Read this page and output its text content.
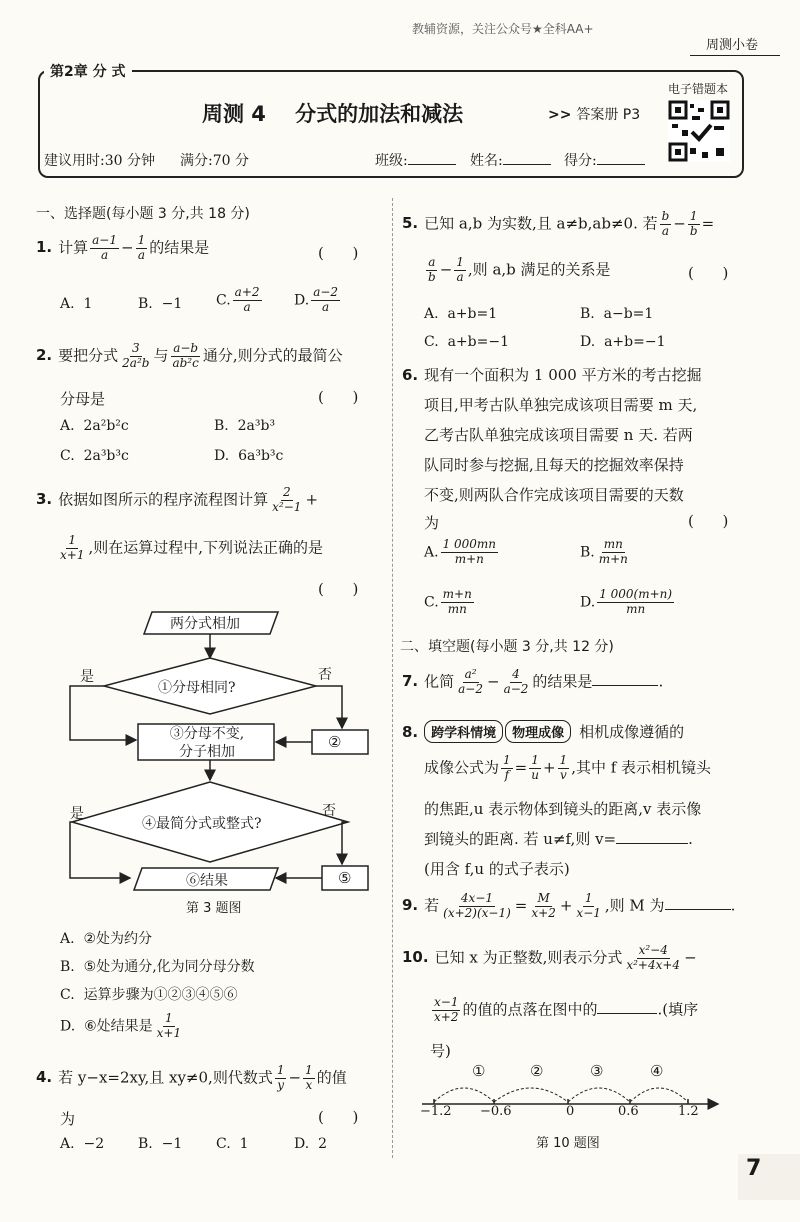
教辅资源，关注公众号★全科AA+
周测小卷
第2章 分 式
周测 4    分式的加法和减法	>> 答案册 P3
电子错题本
建议用时:30 分钟 满分:70 分	班级:	姓名:	得分:
一、选择题(每小题 3 分,共 18 分)
1. 计算 $\frac{a-1}{a} - \frac{1}{a}$ 的结果是	(      )
A.  1	B.  −1 C. $\frac{a+2}{a} D$. $\frac{a-2}{a}$
2. 要把分式 $\frac{3}{\text{2a²b}}$ 与 $\frac{a-b}{\text{ab²c}}$ 通分,则分式的最简公
分母是	(      )
A.  2a²b²c	B.  2a³b³
C.  2a³b³c	D.  6a³b³c
3. 依据如图所示的程序流程图计算 $\frac{2}{\text{x²−1}}$ +
$\frac{1}{x+1}$ ,则在运算过程中,下列说法正确的是
(      )
两分式相加
①分母相同?
是	否
③分母不变,
分子相加
②
④最简分式或整式?
是	否
⑥结果	⑤
第 3 题图
A.  ②处为约分
B.  ⑤处为通分,化为同分母分数
C.  运算步骤为①②③④⑤⑥
D.  ⑥处结果是 $\frac{1}{x+1}$
4. 若 y−x=2xy,且 xy≠0,则代数式 $\frac{1}{y} - \frac{1}{x}$ 的值
为	(      )
A.  −2 B.  −1 C.  1	D.  2
5. 已知 a,b 为实数,且 a≠b,ab≠0. 若 $\frac{b}{a} - \frac{1}{b}$ =
$\frac{a}{b} - \frac{1}{a}$ ,则 a,b 满足的关系是	(      )
A.  a+b=1	B.  a−b=1
C.  a+b=−1	D.  a+b=−1
6. 现有一个面积为 1 000 平方米的考古挖掘
项目,甲考古队单独完成该项目需要 m 天,
乙考古队单独完成该项目需要 n 天. 若两
队同时参与挖掘,且每天的挖掘效率保持
不变,则两队合作完成该项目需要的天数
为	(      )
A. $\frac{1 000mn}{m+n}$	B. $\frac{mn}{m+n}$
C. $\frac{m+n}{mn}$	D. $\frac{1 000(m+n)}{mn}$
二、填空题(每小题 3 分,共 12 分)
7. 化简 $\frac{\text{a²}}{a-2} - \frac{4}{a-2}$ 的结果是	.
8. 跨学科情境 物理成像 相机成像遵循的
成像公式为 $\frac{1}{f} = \frac{1}{u} + \frac{1}{v}$ ,其中 f 表示相机镜头
的焦距,u 表示物体到镜头的距离,v 表示像
到镜头的距离. 若 u≠f,则 v=	.
(用含 f,u 的式子表示)
9. 若 $\frac{4x-1}{(x+2)(x-1)} = \frac{M}{x+2} + \frac{1}{x-1}$ ,则 M 为	.
10. 已知 x 为正整数,则表示分式 $\frac{\text{x²−4}}{\text{x²+4x+4}}$ −
$\frac{x-1}{x+2}$ 的值的点落在图中的	.(填序
号)
−1.2 −0.6	0	0.6	1.2
①	②	③	④
第 10 题图
7
